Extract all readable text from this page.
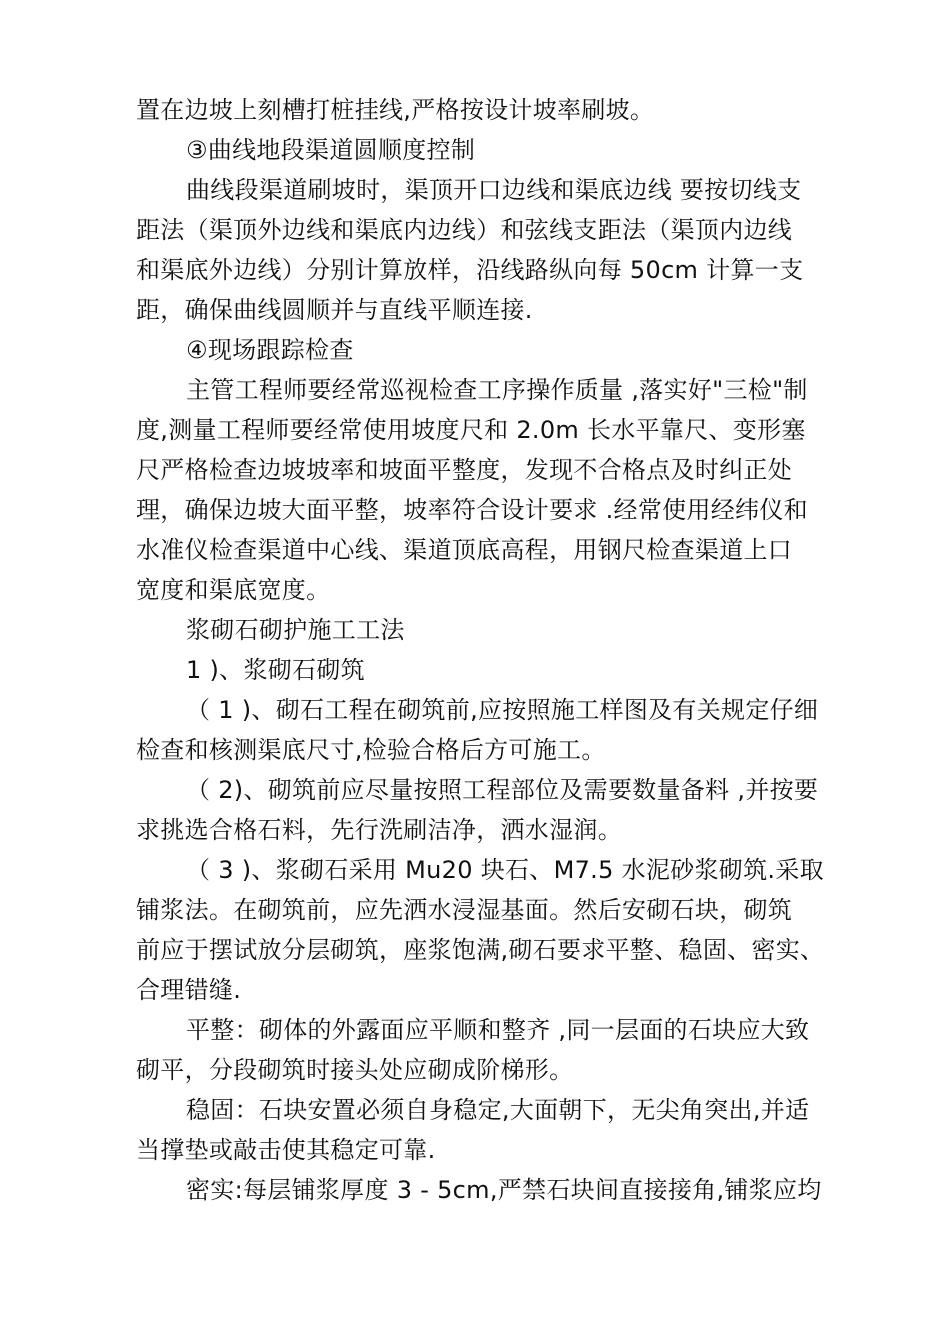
置在边坡上刻槽打桩挂线,严格按设计坡率刷坡。
③曲线地段渠道圆顺度控制
曲线段渠道刷坡时，渠顶开口边线和渠底边线 要按切线支
距法（渠顶外边线和渠底内边线）和弦线支距法（渠顶内边线
和渠底外边线）分别计算放样，沿线路纵向每 50cm 计算一支
距，确保曲线圆顺并与直线平顺连接.
④现场跟踪检查
主管工程师要经常巡视检查工序操作质量 ,落实好"三检"制
度,测量工程师要经常使用坡度尺和 2.0m 长水平靠尺、变形塞
尺严格检查边坡坡率和坡面平整度，发现不合格点及时纠正处
理，确保边坡大面平整，坡率符合设计要求 .经常使用经纬仪和
水准仪检查渠道中心线、渠道顶底高程，用钢尺检查渠道上口
宽度和渠底宽度。
浆砌石砌护施工工法
1 )、浆砌石砌筑
（ 1 )、砌石工程在砌筑前,应按照施工样图及有关规定仔细
检查和核测渠底尺寸,检验合格后方可施工。
（ 2)、砌筑前应尽量按照工程部位及需要数量备料 ,并按要
求挑选合格石料，先行洗刷洁净，洒水湿润。
（ 3 )、浆砌石采用 Mu20 块石、M7.5 水泥砂浆砌筑.采取
铺浆法。在砌筑前，应先洒水浸湿基面。然后安砌石块，砌筑
前应于摆试放分层砌筑，座浆饱满,砌石要求平整、稳固、密实、
合理错缝.
平整：砌体的外露面应平顺和整齐 ,同一层面的石块应大致
砌平，分段砌筑时接头处应砌成阶梯形。
稳固：石块安置必须自身稳定,大面朝下，无尖角突出,并适
当撑垫或敲击使其稳定可靠.
密实:每层铺浆厚度 3 - 5cm,严禁石块间直接接角,铺浆应均
